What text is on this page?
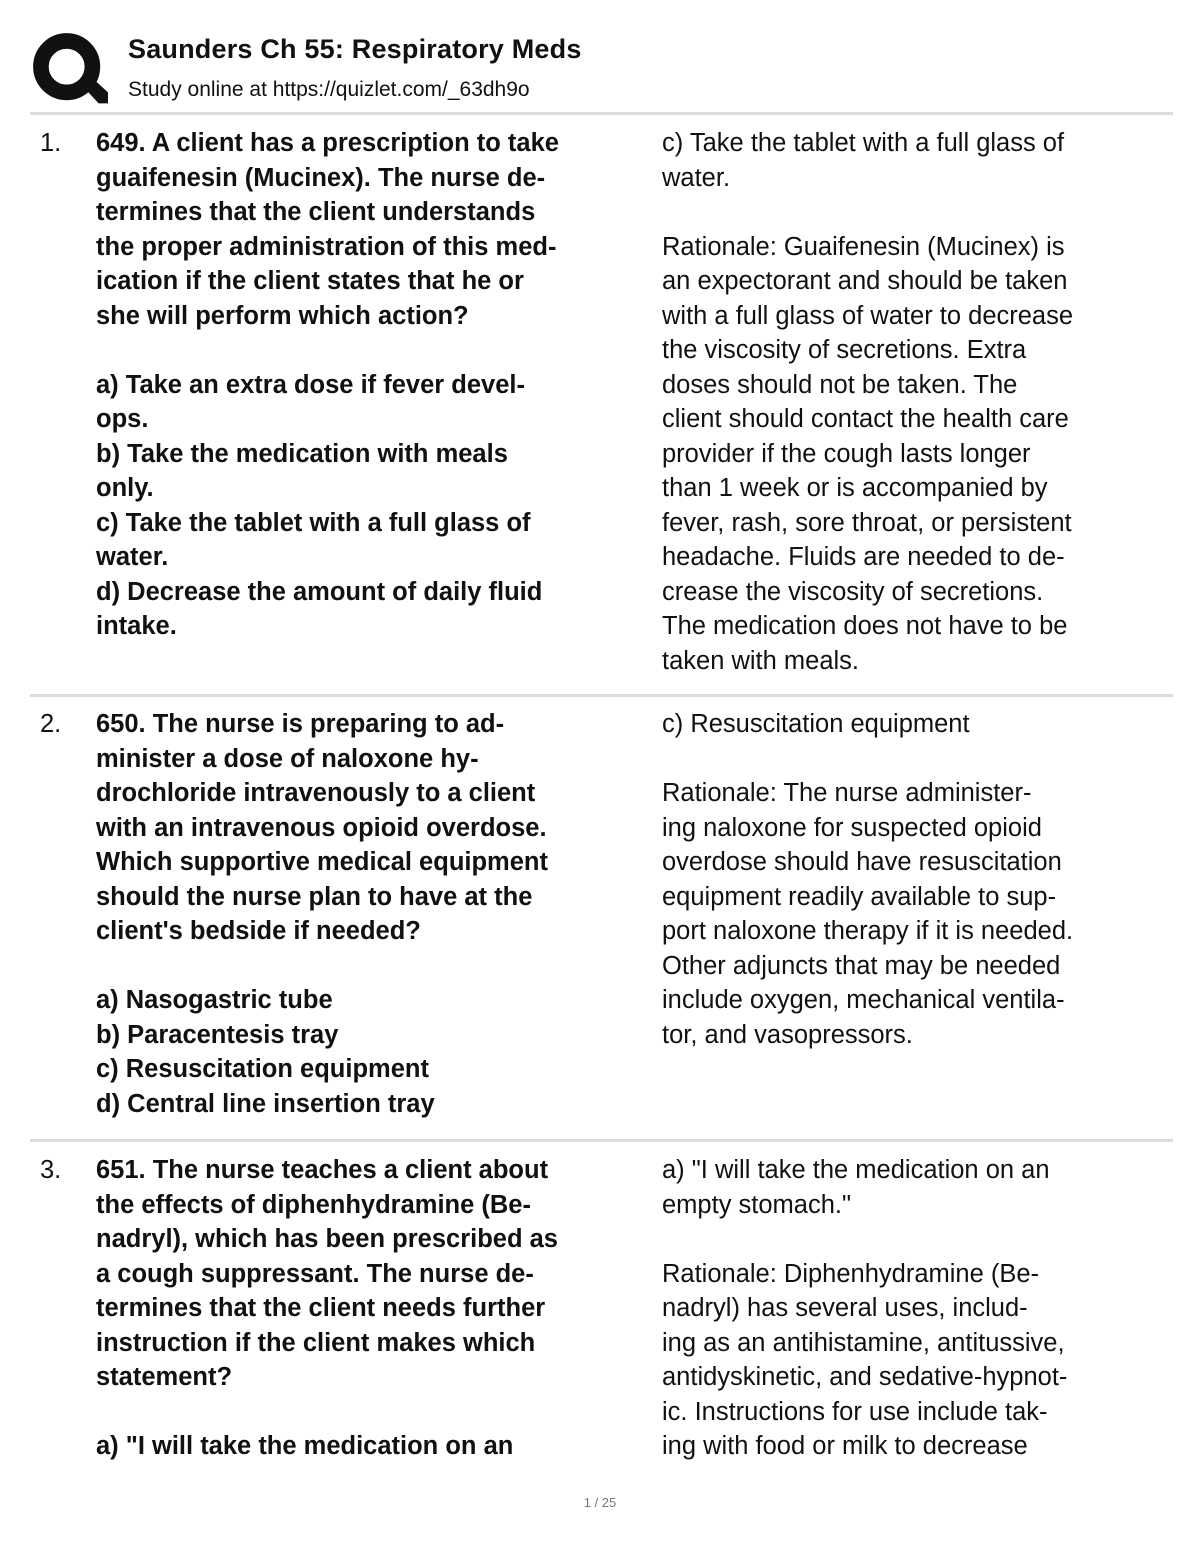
Saunders Ch 55: Respiratory Meds
Study online at https://quizlet.com/_63dh9o
1. 649. A client has a prescription to take
guaifenesin (Mucinex). The nurse de-
termines that the client understands
the proper administration of this med-
ication if the client states that he or
she will perform which action?

a) Take an extra dose if fever devel-
ops.
b) Take the medication with meals
only.
c) Take the tablet with a full glass of
water.
d) Decrease the amount of daily fluid
intake.
c) Take the tablet with a full glass of
water.

Rationale: Guaifenesin (Mucinex) is
an expectorant and should be taken
with a full glass of water to decrease
the viscosity of secretions. Extra
doses should not be taken. The
client should contact the health care
provider if the cough lasts longer
than 1 week or is accompanied by
fever, rash, sore throat, or persistent
headache. Fluids are needed to de-
crease the viscosity of secretions.
The medication does not have to be
taken with meals.
2. 650. The nurse is preparing to ad-
minister a dose of naloxone hy-
drochloride intravenously to a client
with an intravenous opioid overdose.
Which supportive medical equipment
should the nurse plan to have at the
client's bedside if needed?

a) Nasogastric tube
b) Paracentesis tray
c) Resuscitation equipment
d) Central line insertion tray
c) Resuscitation equipment

Rationale: The nurse administer-
ing naloxone for suspected opioid
overdose should have resuscitation
equipment readily available to sup-
port naloxone therapy if it is needed.
Other adjuncts that may be needed
include oxygen, mechanical ventila-
tor, and vasopressors.
3. 651. The nurse teaches a client about
the effects of diphenhydramine (Be-
nadryl), which has been prescribed as
a cough suppressant. The nurse de-
termines that the client needs further
instruction if the client makes which
statement?

a) "I will take the medication on an
a) "I will take the medication on an
empty stomach."

Rationale: Diphenhydramine (Be-
nadryl) has several uses, includ-
ing as an antihistamine, antitussive,
antidyskinetic, and sedative-hypnot-
ic. Instructions for use include tak-
ing with food or milk to decrease
1 / 25
